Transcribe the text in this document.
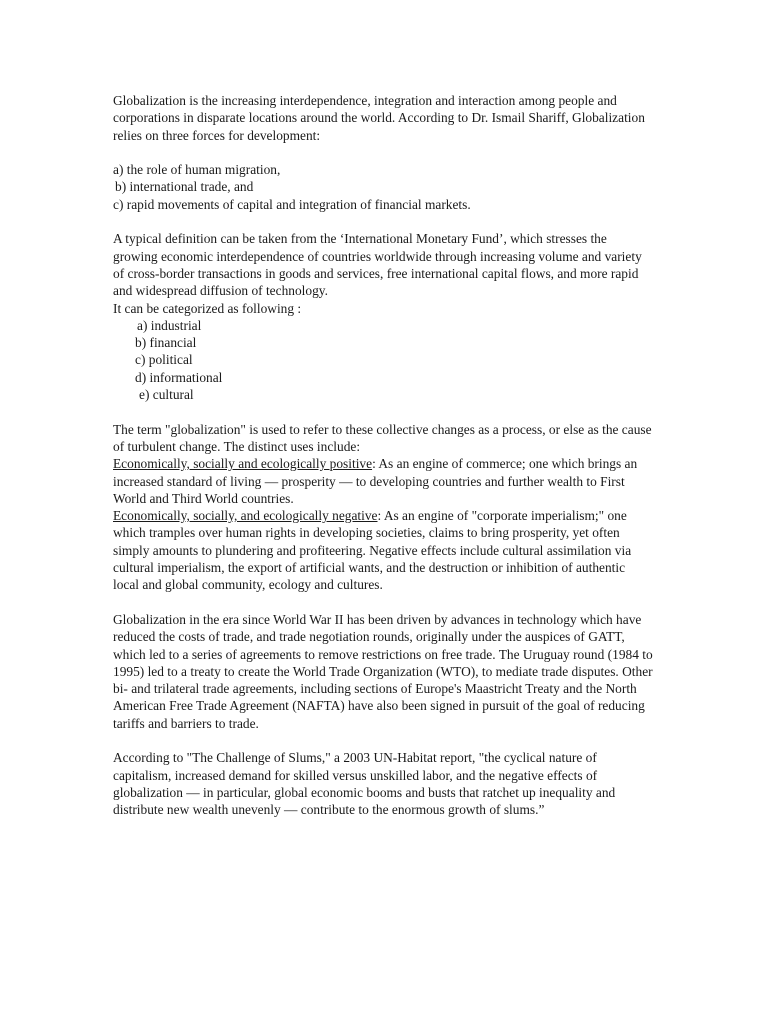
Globalization is the increasing interdependence, integration and interaction among people and corporations in disparate locations around the world. According to Dr. Ismail Shariff, Globalization relies on three forces for development:

a) the role of human migration,

b) international trade, and

c) rapid movements of capital and integration of financial markets.

A typical definition can be taken from the ‘International Monetary Fund’, which stresses the growing economic interdependence of countries worldwide through increasing volume and variety of cross-border transactions in goods and services, free international capital flows, and more rapid and widespread diffusion of technology.

It can be categorized as following :

a) industrial

b) financial

c) political

d) informational

e) cultural

The term "globalization" is used to refer to these collective changes as a process, or else as the cause of turbulent change. The distinct uses include:

Economically, socially and ecologically positive: As an engine of commerce; one which brings an increased standard of living — prosperity — to developing countries and further wealth to First World and Third World countries.

Economically, socially, and ecologically negative: As an engine of "corporate imperialism;" one which tramples over human rights in developing societies, claims to bring prosperity, yet often simply amounts to plundering and profiteering. Negative effects include cultural assimilation via cultural imperialism, the export of artificial wants, and the destruction or inhibition of authentic local and global community, ecology and cultures.

Globalization in the era since World War II has been driven by advances in technology which have reduced the costs of trade, and trade negotiation rounds, originally under the auspices of GATT, which led to a series of agreements to remove restrictions on free trade. The Uruguay round (1984 to 1995) led to a treaty to create the World Trade Organization (WTO), to mediate trade disputes. Other bi- and trilateral trade agreements, including sections of Europe's Maastricht Treaty and the North American Free Trade Agreement (NAFTA) have also been signed in pursuit of the goal of reducing tariffs and barriers to trade.

According to "The Challenge of Slums," a 2003 UN-Habitat report, "the cyclical nature of capitalism, increased demand for skilled versus unskilled labor, and the negative effects of globalization — in particular, global economic booms and busts that ratchet up inequality and distribute new wealth unevenly — contribute to the enormous growth of slums.”
